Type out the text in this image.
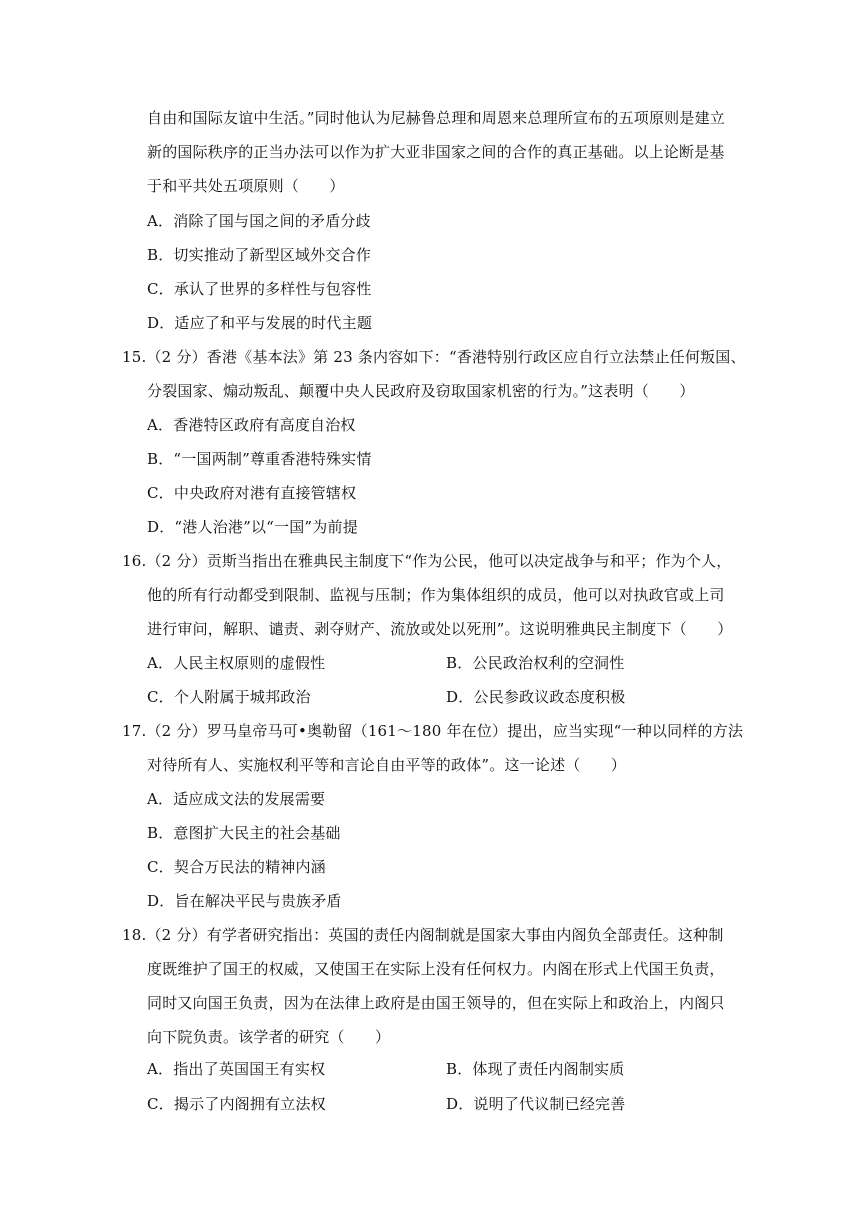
自由和国际友谊中生活。”同时他认为尼赫鲁总理和周恩来总理所宣布的五项原则是建立
新的国际秩序的正当办法可以作为扩大亚非国家之间的合作的真正基础。以上论断是基
于和平共处五项原则（　　）
A．消除了国与国之间的矛盾分歧
B．切实推动了新型区域外交合作
C．承认了世界的多样性与包容性
D．适应了和平与发展的时代主题
15.（2 分）香港《基本法》第 23 条内容如下：“香港特别行政区应自行立法禁止任何叛国、
分裂国家、煽动叛乱、颠覆中央人民政府及窃取国家机密的行为。”这表明（　　）
A．香港特区政府有高度自治权
B．“一国两制”尊重香港特殊实情
C．中央政府对港有直接管辖权
D．“港人治港”以“一国”为前提
16.（2 分）贡斯当指出在雅典民主制度下“作为公民，他可以决定战争与和平；作为个人，
他的所有行动都受到限制、监视与压制；作为集体组织的成员，他可以对执政官或上司
进行审问，解职、谴责、剥夺财产、流放或处以死刑”。这说明雅典民主制度下（　　）
A．人民主权原则的虚假性	B．公民政治权利的空洞性
C．个人附属于城邦政治	D．公民参政议政态度积极
17.（2 分）罗马皇帝马可•奥勒留（161～180 年在位）提出，应当实现“一种以同样的方法
对待所有人、实施权利平等和言论自由平等的政体”。这一论述（　　）
A．适应成文法的发展需要
B．意图扩大民主的社会基础
C．契合万民法的精神内涵
D．旨在解决平民与贵族矛盾
18.（2 分）有学者研究指出：英国的责任内阁制就是国家大事由内阁负全部责任。这种制
度既维护了国王的权威，又使国王在实际上没有任何权力。内阁在形式上代国王负责，
同时又向国王负责，因为在法律上政府是由国王领导的，但在实际上和政治上，内阁只
向下院负责。该学者的研究（　　）
A．指出了英国国王有实权	B．体现了责任内阁制实质
C．揭示了内阁拥有立法权	D．说明了代议制已经完善
